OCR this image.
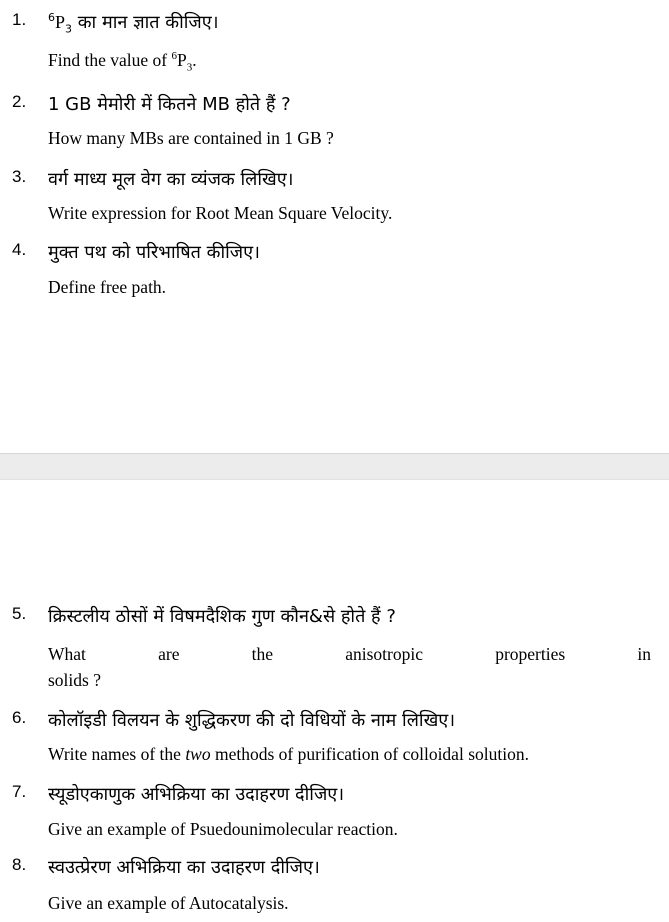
1. $^6P_3$ का मान ज्ञात कीजिए।
Find the value of $^6P_3$.
2. 1 GB मेमोरी में कितने MB होते हैं ?
How many MBs are contained in 1 GB ?
3. वर्ग माध्य मूल वेग का व्यंजक लिखिए।
Write expression for Root Mean Square Velocity.
4. मुक्त पथ को परिभाषित कीजिए।
Define free path.
5. क्रिस्टलीय ठोसों में विषमदैशिक गुण कौन&से होते हैं ?
What	are	the	anisotropic	properties	in
solids ?
6. कोलॉइडी विलयन के शुद्धिकरण की दो विधियों के नाम लिखिए।
Write names of the two methods of purification of colloidal solution.
7. स्यूडोएकाणुक अभिक्रिया का उदाहरण दीजिए।
Give an example of Psuedounimolecular reaction.
8. स्वउत्प्रेरण अभिक्रिया का उदाहरण दीजिए।
Give an example of Autocatalysis.
